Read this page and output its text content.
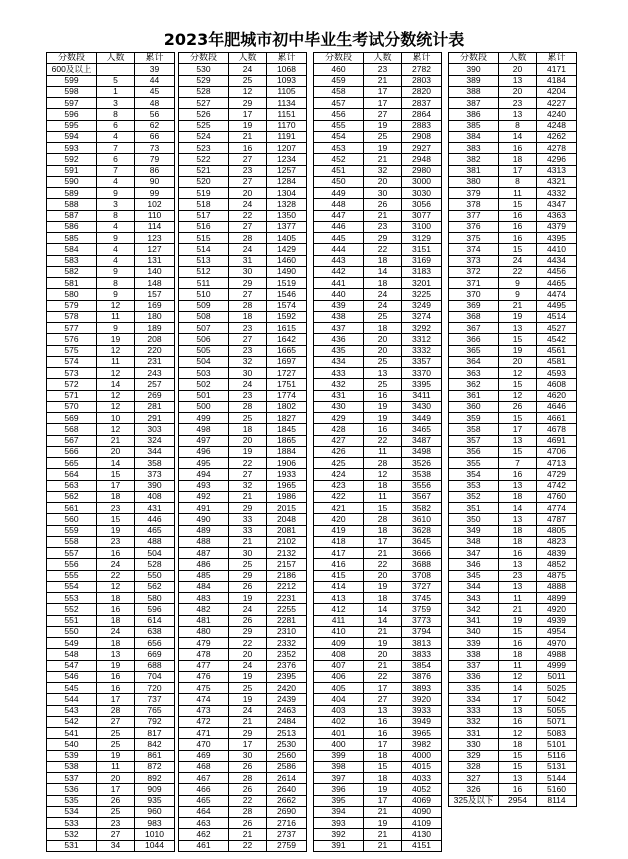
2023年肥城市初中毕业生考试分数统计表
分数段	人数	累计
600及以上		39
599	5	44
598	1	45
597	3	48
596	8	56
595	6	62
594	4	66
593	7	73
592	6	79
591	7	86
590	4	90
589	9	99
588	3	102
587	8	110
586	4	114
585	9	123
584	4	127
583	4	131
582	9	140
581	8	148
580	9	157
579	12	169
578	11	180
577	9	189
576	19	208
575	12	220
574	11	231
573	12	243
572	14	257
571	12	269
570	12	281
569	10	291
568	12	303
567	21	324
566	20	344
565	14	358
564	15	373
563	17	390
562	18	408
561	23	431
560	15	446
559	19	465
558	23	488
557	16	504
556	24	528
555	22	550
554	12	562
553	18	580
552	16	596
551	18	614
550	24	638
549	18	656
548	13	669
547	19	688
546	16	704
545	16	720
544	17	737
543	28	765
542	27	792
541	25	817
540	25	842
539	19	861
538	11	872
537	20	892
536	17	909
535	26	935
534	25	960
533	23	983
532	27	1010
531	34	1044
分数段	人数	累计
530	24	1068
529	25	1093
528	12	1105
527	29	1134
526	17	1151
525	19	1170
524	21	1191
523	16	1207
522	27	1234
521	23	1257
520	27	1284
519	20	1304
518	24	1328
517	22	1350
516	27	1377
515	28	1405
514	24	1429
513	31	1460
512	30	1490
511	29	1519
510	27	1546
509	28	1574
508	18	1592
507	23	1615
506	27	1642
505	23	1665
504	32	1697
503	30	1727
502	24	1751
501	23	1774
500	28	1802
499	25	1827
498	18	1845
497	20	1865
496	19	1884
495	22	1906
494	27	1933
493	32	1965
492	21	1986
491	29	2015
490	33	2048
489	33	2081
488	21	2102
487	30	2132
486	25	2157
485	29	2186
484	26	2212
483	19	2231
482	24	2255
481	26	2281
480	29	2310
479	22	2332
478	20	2352
477	24	2376
476	19	2395
475	25	2420
474	19	2439
473	24	2463
472	21	2484
471	29	2513
470	17	2530
469	30	2560
468	26	2586
467	28	2614
466	26	2640
465	22	2662
464	28	2690
463	26	2716
462	21	2737
461	22	2759
分数段	人数	累计
460	23	2782
459	21	2803
458	17	2820
457	17	2837
456	27	2864
455	19	2883
454	25	2908
453	19	2927
452	21	2948
451	32	2980
450	20	3000
449	30	3030
448	26	3056
447	21	3077
446	23	3100
445	29	3129
444	22	3151
443	18	3169
442	14	3183
441	18	3201
440	24	3225
439	24	3249
438	25	3274
437	18	3292
436	20	3312
435	20	3332
434	25	3357
433	13	3370
432	25	3395
431	16	3411
430	19	3430
429	19	3449
428	16	3465
427	22	3487
426	11	3498
425	28	3526
424	12	3538
423	18	3556
422	11	3567
421	15	3582
420	28	3610
419	18	3628
418	17	3645
417	21	3666
416	22	3688
415	20	3708
414	19	3727
413	18	3745
412	14	3759
411	14	3773
410	21	3794
409	19	3813
408	20	3833
407	21	3854
406	22	3876
405	17	3893
404	27	3920
403	13	3933
402	16	3949
401	16	3965
400	17	3982
399	18	4000
398	15	4015
397	18	4033
396	19	4052
395	17	4069
394	21	4090
393	19	4109
392	21	4130
391	21	4151
分数段	人数	累计
390	20	4171
389	13	4184
388	20	4204
387	23	4227
386	13	4240
385	8	4248
384	14	4262
383	16	4278
382	18	4296
381	17	4313
380	8	4321
379	11	4332
378	15	4347
377	16	4363
376	16	4379
375	16	4395
374	15	4410
373	24	4434
372	22	4456
371	9	4465
370	9	4474
369	21	4495
368	19	4514
367	13	4527
366	15	4542
365	19	4561
364	20	4581
363	12	4593
362	15	4608
361	12	4620
360	26	4646
359	15	4661
358	17	4678
357	13	4691
356	15	4706
355	7	4713
354	16	4729
353	13	4742
352	18	4760
351	14	4774
350	13	4787
349	18	4805
348	18	4823
347	16	4839
346	13	4852
345	23	4875
344	13	4888
343	11	4899
342	21	4920
341	19	4939
340	15	4954
339	16	4970
338	18	4988
337	11	4999
336	12	5011
335	14	5025
334	17	5042
333	13	5055
332	16	5071
331	12	5083
330	18	5101
329	15	5116
328	15	5131
327	13	5144
326	16	5160
325及以下	2954	8114
